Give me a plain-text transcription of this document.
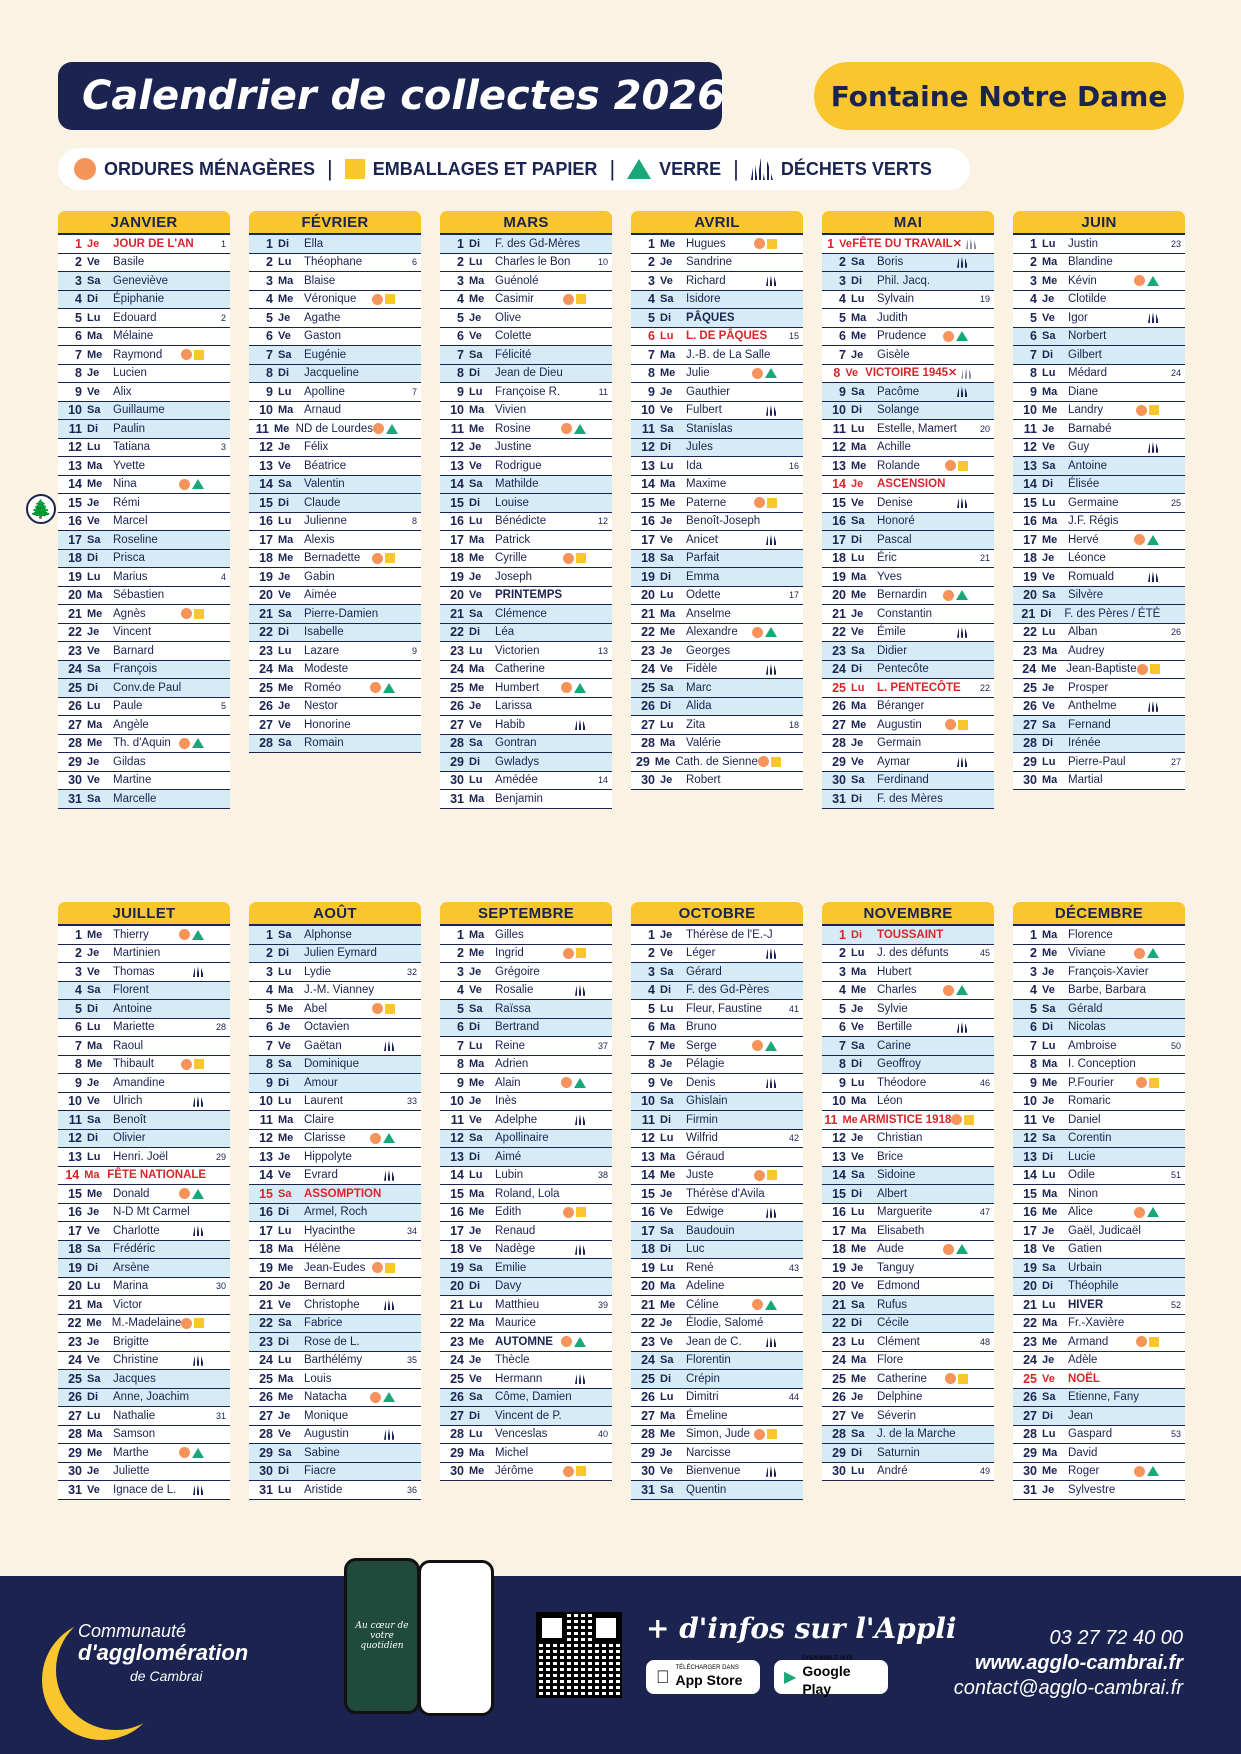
Calendrier de collectes 2026	Fontaine Notre Dame
ORDURES MÉNAGÈRES | EMBALLAGES ET PAPIER | VERRE | DÉCHETS VERTS
🌲
JANVIER
1 Je	JOUR DE L'AN	1
2 Ve	Basile
3 Sa	Geneviève
4 Di	Épiphanie
5 Lu	Edouard	2
6 Ma Mélaine
7 Me Raymond
8 Je	Lucien
9 Ve	Alix
10 Sa	Guillaume
11 Di	Paulin
12 Lu	Tatiana	3
13 Ma Yvette
14 Me Nina
15 Je	Rémi
16 Ve	Marcel
17 Sa	Roseline
18 Di	Prisca
19 Lu	Marius	4
20 Ma Sébastien
21 Me Agnès
22 Je	Vincent
23 Ve	Barnard
24 Sa	François
25 Di	Conv.de Paul
26 Lu	Paule	5
27 Ma Angèle
28 Me Th. d'Aquin
29 Je	Gildas
30 Ve	Martine
31 Sa	Marcelle
FÉVRIER
1 Di	Ella
2 Lu	Théophane	6
3 Ma Blaise
4 Me Véronique
5 Je	Agathe
6 Ve	Gaston
7 Sa	Eugénie
8 Di	Jacqueline
9 Lu	Apolline	7
10 Ma Arnaud
11 Me ND de Lourdes
12 Je	Félix
13 Ve	Béatrice
14 Sa	Valentin
15 Di	Claude
16 Lu	Julienne	8
17 Ma Alexis
18 Me Bernadette
19 Je	Gabin
20 Ve	Aimée
21 Sa	Pierre-Damien
22 Di	Isabelle
23 Lu	Lazare	9
24 Ma Modeste
25 Me Roméo
26 Je	Nestor
27 Ve	Honorine
28 Sa	Romain
MARS
1 Di	F. des Gd-Mères
2 Lu	Charles le Bon	10
3 Ma Guénolé
4 Me Casimir
5 Je	Olive
6 Ve	Colette
7 Sa	Félicité
8 Di	Jean de Dieu
9 Lu	Françoise R.	11
10 Ma Vivien
11 Me Rosine
12 Je	Justine
13 Ve	Rodrigue
14 Sa	Mathilde
15 Di	Louise
16 Lu	Bénédicte	12
17 Ma Patrick
18 Me Cyrille
19 Je	Joseph
20 Ve	PRINTEMPS
21 Sa	Clémence
22 Di	Léa
23 Lu	Victorien	13
24 Ma Catherine
25 Me Humbert
26 Je	Larissa
27 Ve	Habib
28 Sa	Gontran
29 Di	Gwladys
30 Lu	Amédée	14
31 Ma Benjamin
AVRIL
1 Me Hugues
2 Je	Sandrine
3 Ve	Richard
4 Sa	Isidore
5 Di	PÂQUES
6 Lu	L. DE PÂQUES	15
7 Ma J.-B. de La Salle
8 Me Julie
9 Je	Gauthier
10 Ve	Fulbert
11 Sa	Stanislas
12 Di	Jules
13 Lu	Ida	16
14 Ma Maxime
15 Me Paterne
16 Je	Benoît-Joseph
17 Ve	Anicet
18 Sa	Parfait
19 Di	Emma
20 Lu	Odette	17
21 Ma Anselme
22 Me Alexandre
23 Je	Georges
24 Ve	Fidèle
25 Sa	Marc
26 Di	Alida
27 Lu	Zita	18
28 Ma Valérie
29 Me Cath. de Sienne
30 Je	Robert
MAI
1 Ve FÊTE DU TRAVAIL ✕
2 Sa	Boris
3 Di	Phil. Jacq.
4 Lu	Sylvain	19
5 Ma Judith
6 Me Prudence
7 Je	Gisèle
8 Ve VICTOIRE 1945 ✕
9 Sa	Pacôme
10 Di	Solange
11 Lu	Estelle, Mamert	20
12 Ma Achille
13 Me Rolande
14 Je	ASCENSION
15 Ve	Denise
16 Sa	Honoré
17 Di	Pascal
18 Lu	Éric	21
19 Ma Yves
20 Me Bernardin
21 Je	Constantin
22 Ve	Émile
23 Sa	Didier
24 Di	Pentecôte
25 Lu	L. PENTECÔTE	22
26 Ma Béranger
27 Me Augustin
28 Je	Germain
29 Ve	Aymar
30 Sa	Ferdinand
31 Di	F. des Mères
JUIN
1 Lu	Justin	23
2 Ma Blandine
3 Me Kévin
4 Je	Clotilde
5 Ve	Igor
6 Sa	Norbert
7 Di	Gilbert
8 Lu	Médard	24
9 Ma Diane
10 Me Landry
11 Je	Barnabé
12 Ve	Guy
13 Sa	Antoine
14 Di	Élisée
15 Lu	Germaine	25
16 Ma J.F. Régis
17 Me Hervé
18 Je	Léonce
19 Ve	Romuald
20 Sa	Silvère
21 Di	F. des Pères / ÉTÉ
22 Lu	Alban	26
23 Ma Audrey
24 Me Jean-Baptiste
25 Je	Prosper
26 Ve	Anthelme
27 Sa	Fernand
28 Di	Irénée
29 Lu	Pierre-Paul	27
30 Ma Martial
JUILLET
1 Me Thierry
2 Je	Martinien
3 Ve	Thomas
4 Sa	Florent
5 Di	Antoine
6 Lu	Mariette	28
7 Ma Raoul
8 Me Thibault
9 Je	Amandine
10 Ve	Ulrich
11 Sa	Benoît
12 Di	Olivier
13 Lu	Henri. Joël	29
14 Ma FÊTE NATIONALE
15 Me Donald
16 Je	N-D Mt Carmel
17 Ve	Charlotte
18 Sa	Frédéric
19 Di	Arsène
20 Lu	Marina	30
21 Ma Victor
22 Me M.-Madelaine
23 Je	Brigitte
24 Ve	Christine
25 Sa	Jacques
26 Di	Anne, Joachim
27 Lu	Nathalie	31
28 Ma Samson
29 Me Marthe
30 Je	Juliette
31 Ve	Ignace de L.
AOÛT
1 Sa	Alphonse
2 Di	Julien Eymard
3 Lu	Lydie	32
4 Ma J.-M. Vianney
5 Me Abel
6 Je	Octavien
7 Ve	Gaëtan
8 Sa	Dominique
9 Di	Amour
10 Lu	Laurent	33
11 Ma Claire
12 Me Clarisse
13 Je	Hippolyte
14 Ve	Evrard
15 Sa	ASSOMPTION
16 Di	Armel, Roch
17 Lu	Hyacinthe	34
18 Ma Hélène
19 Me Jean-Eudes
20 Je	Bernard
21 Ve	Christophe
22 Sa	Fabrice
23 Di	Rose de L.
24 Lu	Barthélémy	35
25 Ma Louis
26 Me Natacha
27 Je	Monique
28 Ve	Augustin
29 Sa	Sabine
30 Di	Fiacre
31 Lu	Aristide	36
SEPTEMBRE
1 Ma Gilles
2 Me Ingrid
3 Je	Grégoire
4 Ve	Rosalie
5 Sa	Raïssa
6 Di	Bertrand
7 Lu	Reine	37
8 Ma Adrien
9 Me Alain
10 Je	Inès
11 Ve	Adelphe
12 Sa	Apollinaire
13 Di	Aimé
14 Lu	Lubin	38
15 Ma Roland, Lola
16 Me Edith
17 Je	Renaud
18 Ve	Nadège
19 Sa	Emilie
20 Di	Davy
21 Lu	Matthieu	39
22 Ma Maurice
23 Me AUTOMNE
24 Je	Thècle
25 Ve	Hermann
26 Sa	Côme, Damien
27 Di	Vincent de P.
28 Lu	Venceslas	40
29 Ma Michel
30 Me Jérôme
OCTOBRE
1 Je	Thérèse de l'E.-J
2 Ve	Léger
3 Sa	Gérard
4 Di	F. des Gd-Pères
5 Lu	Fleur, Faustine	41
6 Ma Bruno
7 Me Serge
8 Je	Pélagie
9 Ve	Denis
10 Sa	Ghislain
11 Di	Firmin
12 Lu	Wilfrid	42
13 Ma Géraud
14 Me Juste
15 Je	Thérèse d'Avila
16 Ve	Edwige
17 Sa	Baudouin
18 Di	Luc
19 Lu	René	43
20 Ma Adeline
21 Me Céline
22 Je	Élodie, Salomé
23 Ve	Jean de C.
24 Sa	Florentin
25 Di	Crépin
26 Lu	Dimitri	44
27 Ma Émeline
28 Me Simon, Jude
29 Je	Narcisse
30 Ve	Bienvenue
31 Sa	Quentin
NOVEMBRE
1 Di	TOUSSAINT
2 Lu	J. des défunts	45
3 Ma Hubert
4 Me Charles
5 Je	Sylvie
6 Ve	Bertille
7 Sa	Carine
8 Di	Geoffroy
9 Lu	Théodore	46
10 Ma Léon
11 Me ARMISTICE 1918
12 Je	Christian
13 Ve	Brice
14 Sa	Sidoine
15 Di	Albert
16 Lu	Marguerite	47
17 Ma Elisabeth
18 Me Aude
19 Je	Tanguy
20 Ve	Edmond
21 Sa	Rufus
22 Di	Cécile
23 Lu	Clément	48
24 Ma Flore
25 Me Catherine
26 Je	Delphine
27 Ve	Séverin
28 Sa	J. de la Marche
29 Di	Saturnin
30 Lu	André	49
DÉCEMBRE
1 Ma Florence
2 Me Viviane
3 Je	François-Xavier
4 Ve	Barbe, Barbara
5 Sa	Gérald
6 Di	Nicolas
7 Lu	Ambroise	50
8 Ma I. Conception
9 Me P.Fourier
10 Je	Romaric
11 Ve	Daniel
12 Sa	Corentin
13 Di	Lucie
14 Lu	Odile	51
15 Ma Ninon
16 Me Alice
17 Je	Gaël, Judicaël
18 Ve	Gatien
19 Sa	Urbain
20 Di	Théophile
21 Lu	HIVER	52
22 Ma Fr.-Xavière
23 Me Armand
24 Je	Adèle
25 Ve	NOËL
26 Sa	Etienne, Fany
27 Di	Jean
28 Lu	Gaspard	53
29 Ma David
30 Me Roger
31 Je	Sylvestre
Communauté
d'agglomération

de Cambrai
Au cœur de votre quotidien
+ d'infos sur l'Appli
TÉLÉCHARGER DANS
App Store	▶
DISPONIBLE SUR
Google Play
03 27 72 40 00
www.agglo-cambrai.fr
contact@agglo-cambrai.fr
